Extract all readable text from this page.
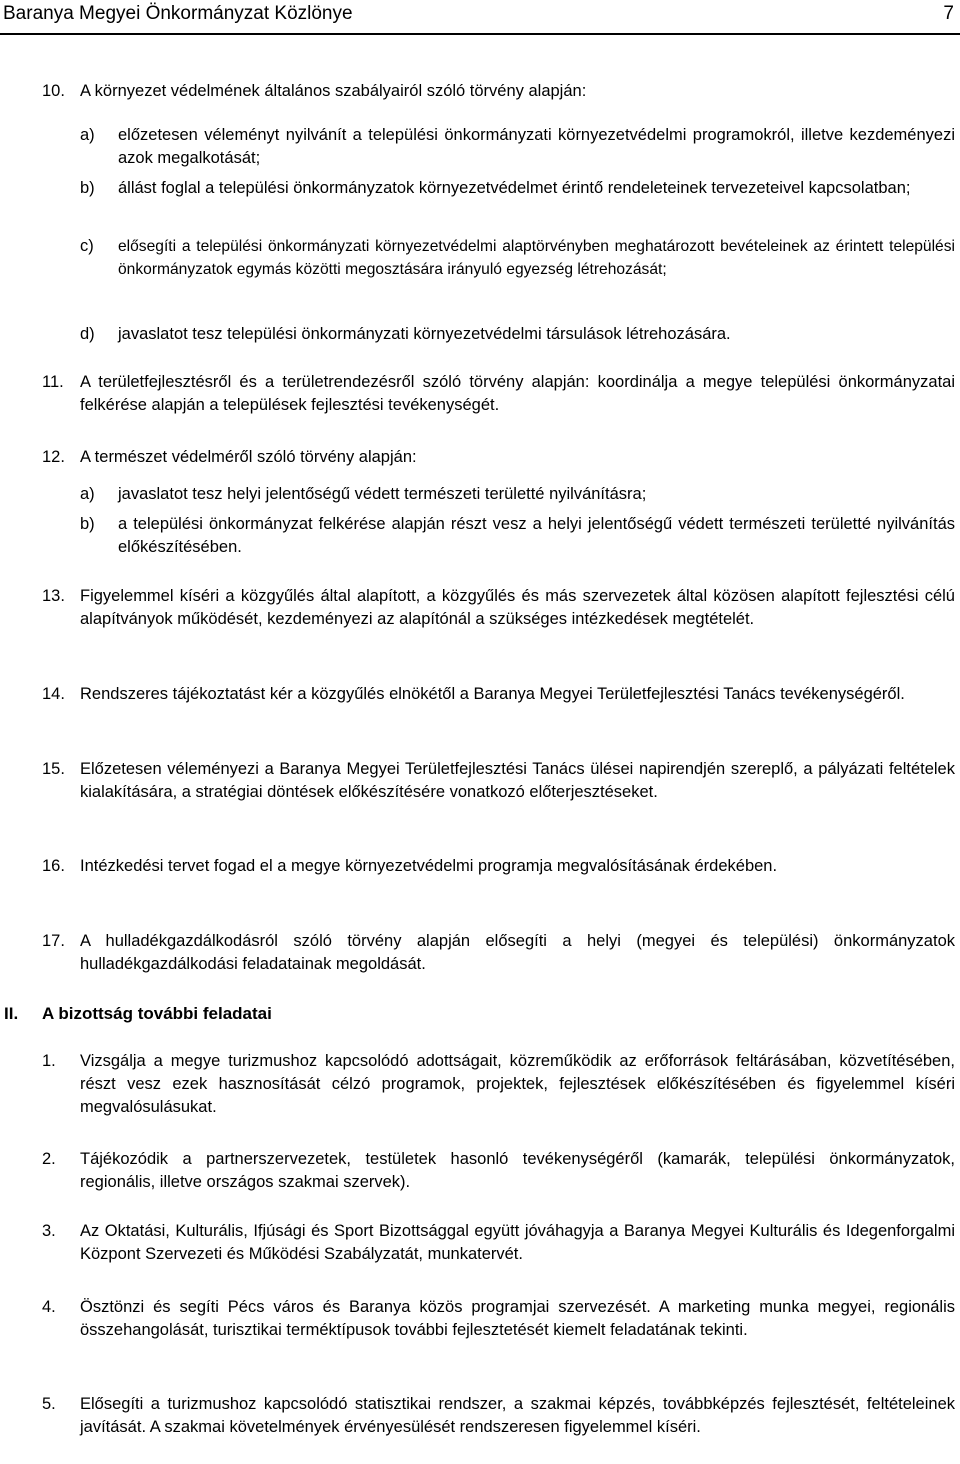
Baranya Megyei Önkormányzat Közlönye	7
10. A környezet védelmének általános szabályairól szóló törvény alapján:
a) előzetesen véleményt nyilvánít a települési önkormányzati környezetvédelmi programokról, illetve kezdeményezi azok megalkotását;
b) állást foglal a települési önkormányzatok környezetvédelmet érintő rendeleteinek tervezeteivel kapcsolatban;
c) elősegíti a települési önkormányzati környezetvédelmi alaptörvényben meghatározott bevételeinek az érintett települési önkormányzatok egymás közötti megosztására irányuló egyezség létrehozását;
d) javaslatot tesz települési önkormányzati környezetvédelmi társulások létrehozására.
11. A területfejlesztésről és a területrendezésről szóló törvény alapján: koordinálja a megye települési önkormányzatai felkérése alapján a települések fejlesztési tevékenységét.
12. A természet védelméről szóló törvény alapján:
a) javaslatot tesz helyi jelentőségű védett természeti területté nyilvánításra;
b) a települési önkormányzat felkérése alapján részt vesz a helyi jelentőségű védett természeti területté nyilvánítás előkészítésében.
13. Figyelemmel kíséri a közgyűlés által alapított, a közgyűlés és más szervezetek által közösen alapított fejlesztési célú alapítványok működését, kezdeményezi az alapítónál a szükséges intézkedések megtételét.
14. Rendszeres tájékoztatást kér a közgyűlés elnökétől a Baranya Megyei Területfejlesztési Tanács tevékenységéről.
15. Előzetesen véleményezi a Baranya Megyei Területfejlesztési Tanács ülései napirendjén szereplő, a pályázati feltételek kialakítására, a stratégiai döntések előkészítésére vonatkozó előterjesztéseket.
16. Intézkedési tervet fogad el a megye környezetvédelmi programja megvalósításának érdekében.
17. A hulladékgazdálkodásról szóló törvény alapján elősegíti a helyi (megyei és települési) önkormányzatok hulladékgazdálkodási feladatainak megoldását.
II. A bizottság további feladatai
1. Vizsgálja a megye turizmushoz kapcsolódó adottságait, közreműködik az erőforrások feltárásában, közvetítésében, részt vesz ezek hasznosítását célzó programok, projektek, fejlesztések előkészítésében és figyelemmel kíséri megvalósulásukat.
2. Tájékozódik a partnerszervezetek, testületek hasonló tevékenységéről (kamarák, települési önkormányzatok, regionális, illetve országos szakmai szervek).
3. Az Oktatási, Kulturális, Ifjúsági és Sport Bizottsággal együtt jóváhagyja a Baranya Megyei Kulturális és Idegenforgalmi Központ Szervezeti és Működési Szabályzatát, munkatervét.
4. Ösztönzi és segíti Pécs város és Baranya közös programjai szervezését. A marketing munka megyei, regionális összehangolását, turisztikai terméktípusok további fejlesztetését kiemelt feladatának tekinti.
5. Elősegíti a turizmushoz kapcsolódó statisztikai rendszer, a szakmai képzés, továbbképzés fejlesztését, feltételeinek javítását. A szakmai követelmények érvényesülését rendszeresen figyelemmel kíséri.
